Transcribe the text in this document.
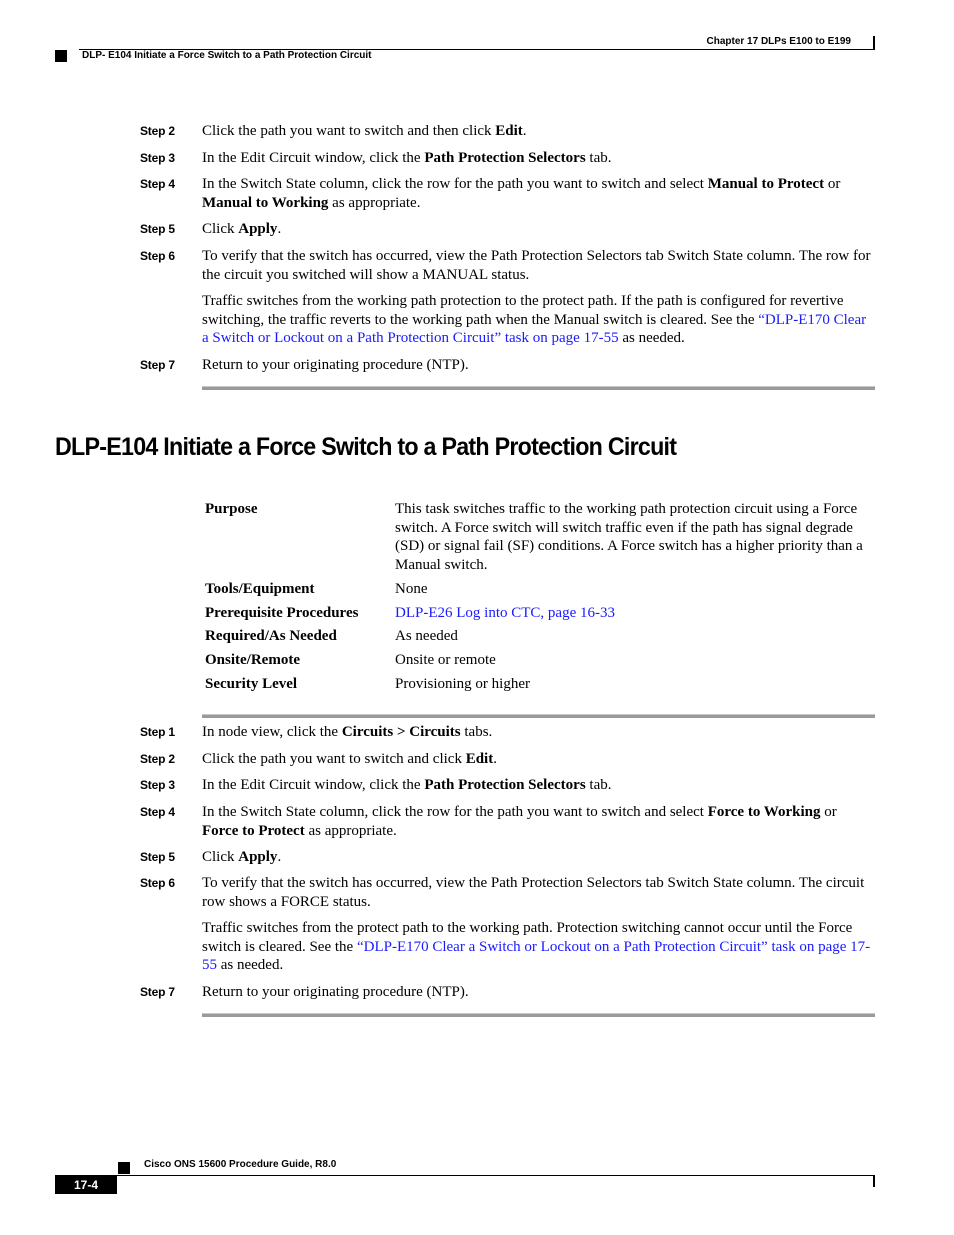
Chapter 17 DLPs E100 to E199
DLP- E104 Initiate a Force Switch to a Path Protection Circuit
Step 2 Click the path you want to switch and then click Edit.
Step 3 In the Edit Circuit window, click the Path Protection Selectors tab.
Step 4 In the Switch State column, click the row for the path you want to switch and select Manual to Protect or Manual to Working as appropriate.
Step 5 Click Apply.
Step 6 To verify that the switch has occurred, view the Path Protection Selectors tab Switch State column. The row for the circuit you switched will show a MANUAL status.
Traffic switches from the working path protection to the protect path. If the path is configured for revertive switching, the traffic reverts to the working path when the Manual switch is cleared. See the “DLP-E170 Clear a Switch or Lockout on a Path Protection Circuit” task on page 17-55 as needed.
Step 7 Return to your originating procedure (NTP).
DLP-E104 Initiate a Force Switch to a Path Protection Circuit
Purpose	This task switches traffic to the working path protection circuit using a Force switch. A Force switch will switch traffic even if the path has signal degrade (SD) or signal fail (SF) conditions. A Force switch has a higher priority than a Manual switch.
Tools/Equipment	None
Prerequisite Procedures	DLP-E26 Log into CTC, page 16-33
Required/As Needed	As needed
Onsite/Remote	Onsite or remote
Security Level	Provisioning or higher
Step 1 In node view, click the Circuits > Circuits tabs.
Step 2 Click the path you want to switch and click Edit.
Step 3 In the Edit Circuit window, click the Path Protection Selectors tab.
Step 4 In the Switch State column, click the row for the path you want to switch and select Force to Working or Force to Protect as appropriate.
Step 5 Click Apply.
Step 6 To verify that the switch has occurred, view the Path Protection Selectors tab Switch State column. The circuit row shows a FORCE status.
Traffic switches from the protect path to the working path. Protection switching cannot occur until the Force switch is cleared. See the “DLP-E170 Clear a Switch or Lockout on a Path Protection Circuit” task on page 17-55 as needed.
Step 7 Return to your originating procedure (NTP).
Cisco ONS 15600 Procedure Guide, R8.0
17-4
